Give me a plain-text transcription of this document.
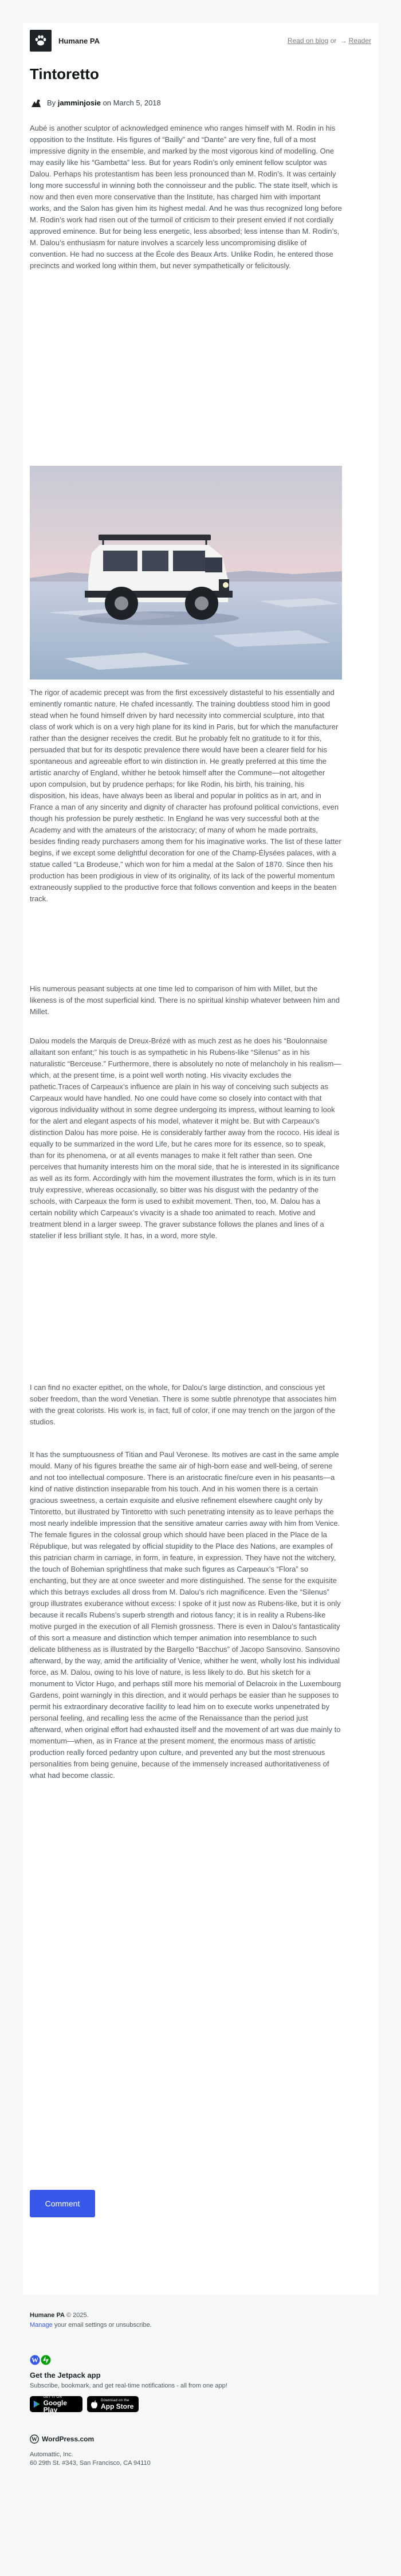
Humane PA	Read on blog or → Reader
Tintoretto
By
jamminjosie
on
March 5, 2018

Aubé is another sculptor of acknowledged eminence who ranges himself with M. Rodin in his opposition to the Institute. His figures of “Bailly” and “Dante” are very fine, full of a most impressive dignity in the ensemble, and marked by the most vigorous kind of modelling. One may easily like his “Gambetta” less. But for years Rodin’s only eminent fellow sculptor was Dalou. Perhaps his protestantism has been less pronounced than M. Rodin’s. It was certainly long more successful in winning both the connoisseur and the public. The state itself, which is now and then even more conservative than the Institute, has charged him with important works, and the Salon has given him its highest medal. And he was thus recognized long before M. Rodin’s work had risen out of the turmoil of criticism to their present envied if not cordially approved eminence. But for being less energetic, less absorbed; less intense than M. Rodin’s, M. Dalou’s enthusiasm for nature involves a scarcely less uncompromising dislike of convention. He had no success at the École des Beaux Arts. Unlike Rodin, he entered those precincts and worked long within them, but never sympathetically or felicitously.

The rigor of academic precept was from the first excessively distasteful to his essentially and eminently romantic nature. He chafed incessantly. The training doubtless stood him in good stead when he found himself driven by hard necessity into commercial sculpture, into that class of work which is on a very high plane for its kind in Paris, but for which the manufacturer rather than the designer receives the credit. But he probably felt no gratitude to it for this, persuaded that but for its despotic prevalence there would have been a clearer field for his spontaneous and agreeable effort to win distinction in. He greatly preferred at this time the artistic anarchy of England, whither he betook himself after the Commune—not altogether upon compulsion, but by prudence perhaps; for like Rodin, his birth, his training, his disposition, his ideas, have always been as liberal and popular in politics as in art, and in France a man of any sincerity and dignity of character has profound political convictions, even though his profession be purely æsthetic. In England he was very successful both at the Academy and with the amateurs of the aristocracy; of many of whom he made portraits, besides finding ready purchasers among them for his imaginative works. The list of these latter begins, if we except some delightful decoration for one of the Champ-Élysées palaces, with a statue called “La Brodeuse,” which won for him a medal at the Salon of 1870. Since then his production has been prodigious in view of its originality, of its lack of the powerful momentum extraneously supplied to the productive force that follows convention and keeps in the beaten track.

His numerous peasant subjects at one time led to comparison of him with Millet, but the likeness is of the most superficial kind. There is no spiritual kinship whatever between him and Millet.

Dalou models the Marquis de Dreux-Brézé with as much zest as he does his “Boulonnaise allaitant son enfant;” his touch is as sympathetic in his Rubens-like “Silenus” as in his naturalistic “Berceuse.” Furthermore, there is absolutely no note of melancholy in his realism—which, at the present time, is a point well worth noting. His vivacity excludes the pathetic.Traces of Carpeaux’s influence are plain in his way of conceiving such subjects as Carpeaux would have handled. No one could have come so closely into contact with that vigorous individuality without in some degree undergoing its impress, without learning to look for the alert and elegant aspects of his model, whatever it might be. But with Carpeaux’s distinction Dalou has more poise. He is considerably farther away from the rococo. His ideal is equally to be summarized in the word Life, but he cares more for its essence, so to speak, than for its phenomena, or at all events manages to make it felt rather than seen. One perceives that humanity interests him on the moral side, that he is interested in its significance as well as its form. Accordingly with him the movement illustrates the form, which is in its turn truly expressive, whereas occasionally, so bitter was his disgust with the pedantry of the schools, with Carpeaux the form is used to exhibit movement. Then, too, M. Dalou has a certain nobility which Carpeaux’s vivacity is a shade too animated to reach. Motive and treatment blend in a larger sweep. The graver substance follows the planes and lines of a statelier if less brilliant style. It has, in a word, more style.

I can find no exacter epithet, on the whole, for Dalou’s large distinction, and conscious yet sober freedom, than the word Venetian. There is some subtle phrenotype that associates him with the great colorists. His work is, in fact, full of color, if one may trench on the jargon of the studios.

It has the sumptuousness of Titian and Paul Veronese. Its motives are cast in the same ample mould. Many of his figures breathe the same air of high-born ease and well-being, of serene and not too intellectual composure. There is an aristocratic fine/cure even in his peasants—a kind of native distinction inseparable from his touch. And in his women there is a certain gracious sweetness, a certain exquisite and elusive refinement elsewhere caught only by Tintoretto, but illustrated by Tintoretto with such penetrating intensity as to leave perhaps the most nearly indelible impression that the sensitive amateur carries away with him from Venice. The female figures in the colossal group which should have been placed in the Place de la République, but was relegated by official stupidity to the Place des Nations, are examples of this patrician charm in carriage, in form, in feature, in expression. They have not the witchery, the touch of Bohemian sprightliness that make such figures as Carpeaux’s “Flora” so enchanting, but they are at once sweeter and more distinguished. The sense for the exquisite which this betrays excludes all dross from M. Dalou’s rich magnificence. Even the “Silenus” group illustrates exuberance without excess: I spoke of it just now as Rubens-like, but it is only because it recalls Rubens’s superb strength and riotous fancy; it is in reality a Rubens-like motive purged in the execution of all Flemish grossness. There is even in Dalou’s fantasticality of this sort a measure and distinction which temper animation into resemblance to such delicate blitheness as is illustrated by the Bargello “Bacchus” of Jacopo Sansovino. Sansovino afterward, by the way, amid the artificiality of Venice, whither he went, wholly lost his individual force, as M. Dalou, owing to his love of nature, is less likely to do. But his sketch for a monument to Victor Hugo, and perhaps still more his memorial of Delacroix in the Luxembourg Gardens, point warningly in this direction, and it would perhaps be easier than he supposes to permit his extraordinary decorative facility to lead him on to execute works unpenetrated by personal feeling, and recalling less the acme of the Renaissance than the period just afterward, when original effort had exhausted itself and the movement of art was due mainly to momentum—when, as in France at the present moment, the enormous mass of artistic production really forced pedantry upon culture, and prevented any but the most strenuous personalities from being genuine, because of the immensely increased authoritativeness of what had become classic.

Comment
Humane PA © 2025.
Manage your email settings or unsubscribe.
W
Get the Jetpack app
Subscribe, bookmark, and get real-time notifications - all from one app!
GET IT ON
Google Play
Download on the
App Store
W WordPress.com
Automattic, Inc.
60 29th St. #343, San Francisco, CA 94110
